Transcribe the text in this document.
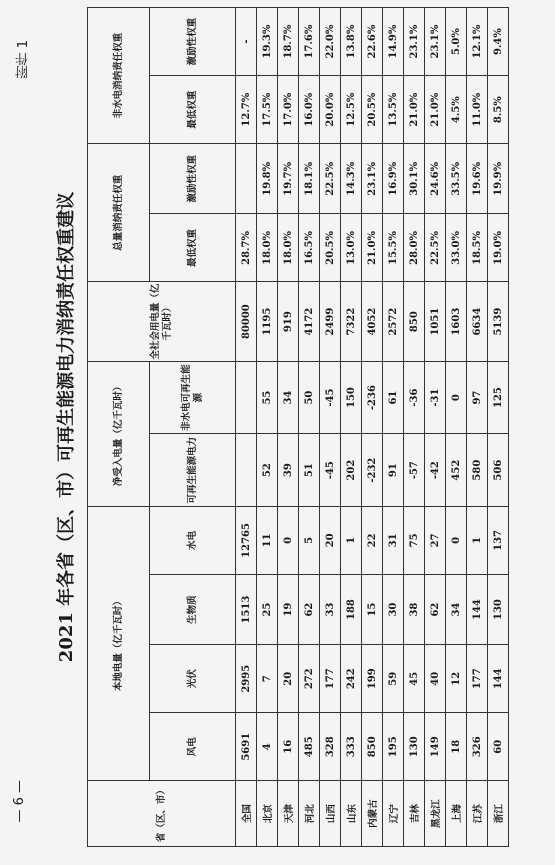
附件 1
— 6 —
2021 年各省（区、市）可再生能源电力消纳责任权重建议
省（区、市）	本地电量（亿千瓦时）				净受入电量（亿千瓦时）		全社会用电量（亿千瓦时）	总量消纳责任权重		非水电消纳责任权重	
	风电	光伏	生物质	水电	可再生能源电力	非水电可再生能源		最低权重	激励性权重	最低权重	激励性权重

全国	5691	2995	1513	12765			80000	28.7%		12.7%	-
北京	4	7	25	11	52	55	1195	18.0%	19.8%	17.5%	19.3%
天津	16	20	19	0	39	34	919	18.0%	19.7%	17.0%	18.7%
河北	485	272	62	5	51	50	4172	16.5%	18.1%	16.0%	17.6%
山西	328	177	33	20	-45	-45	2499	20.5%	22.5%	20.0%	22.0%
山东	333	242	188	1	202	150	7322	13.0%	14.3%	12.5%	13.8%
内蒙古	850	199	15	22	-232	-236	4052	21.0%	23.1%	20.5%	22.6%
辽宁	195	59	30	31	91	61	2572	15.5%	16.9%	13.5%	14.9%
吉林	130	45	38	75	-57	-36	850	28.0%	30.1%	21.0%	23.1%
黑龙江	149	40	62	27	-42	-31	1051	22.5%	24.6%	21.0%	23.1%
上海	18	12	34	0	452	0	1603	33.0%	33.5%	4.5%	5.0%
江苏	326	177	144	1	580	97	6634	18.5%	19.6%	11.0%	12.1%
浙江	60	144	130	137	506	125	5139	19.0%	19.9%	8.5%	9.4%
